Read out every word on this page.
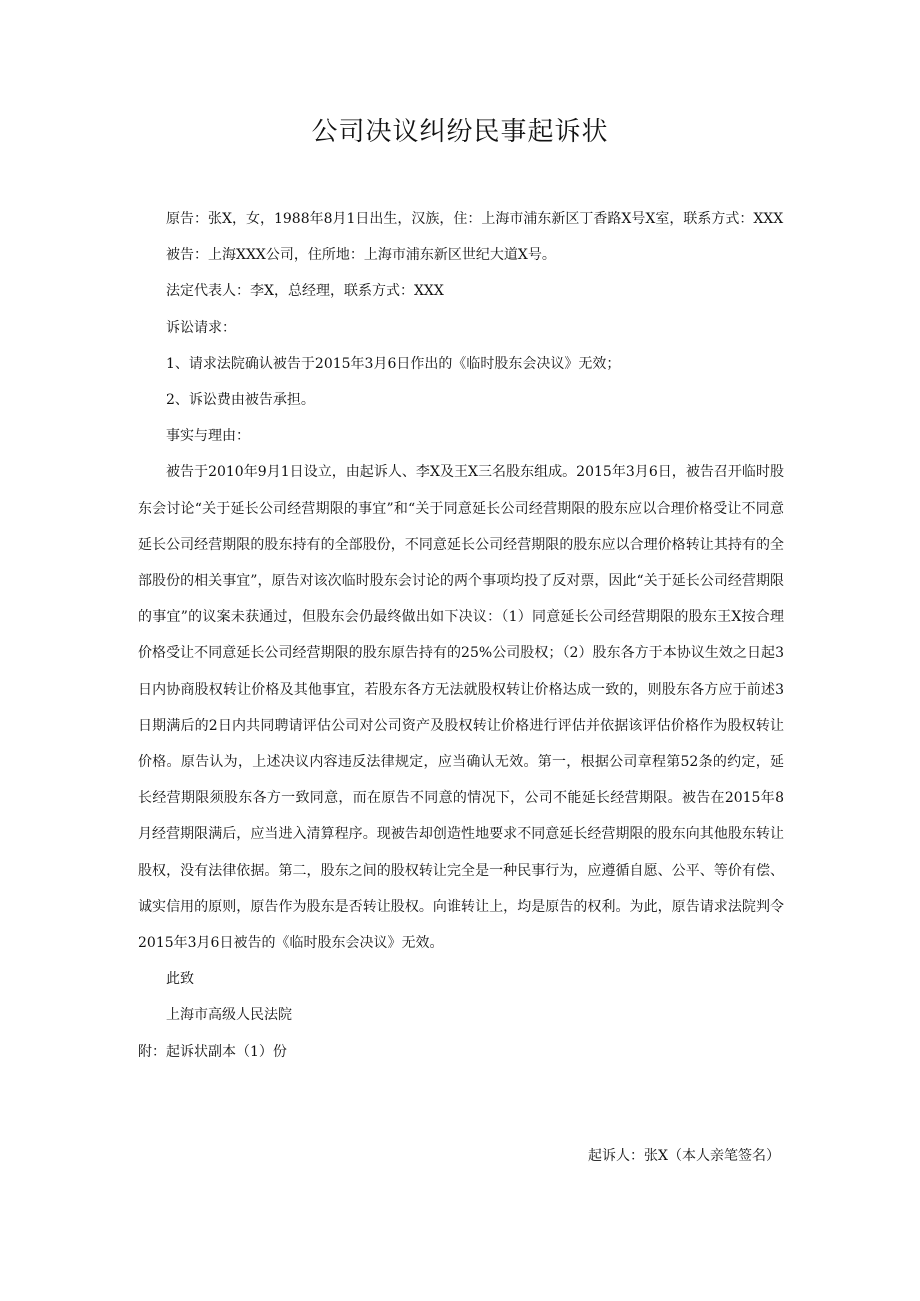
公司决议纠纷民事起诉状

原告：张X，女，1988年8月1日出生，汉族，住：上海市浦东新区丁香路X号X室，联系方式：XXX

被告：上海XXX公司，住所地：上海市浦东新区世纪大道X号。

法定代表人：李X，总经理，联系方式：XXX

诉讼请求：

1、请求法院确认被告于2015年3月6日作出的《临时股东会决议》无效；

2、诉讼费由被告承担。

事实与理由：

被告于2010年9月1日设立，由起诉人、李X及王X三名股东组成。2015年3月6日，被告召开临时股东会讨论“关于延长公司经营期限的事宜”和“关于同意延长公司经营期限的股东应以合理价格受让不同意延长公司经营期限的股东持有的全部股份，不同意延长公司经营期限的股东应以合理价格转让其持有的全部股份的相关事宜”，原告对该次临时股东会讨论的两个事项均投了反对票，因此“关于延长公司经营期限的事宜”的议案未获通过，但股东会仍最终做出如下决议：（1）同意延长公司经营期限的股东王X按合理价格受让不同意延长公司经营期限的股东原告持有的25%公司股权；（2）股东各方于本协议生效之日起3日内协商股权转让价格及其他事宜，若股东各方无法就股权转让价格达成一致的，则股东各方应于前述3日期满后的2日内共同聘请评估公司对公司资产及股权转让价格进行评估并依据该评估价格作为股权转让价格。原告认为，上述决议内容违反法律规定，应当确认无效。第一，根据公司章程第52条的约定，延长经营期限须股东各方一致同意，而在原告不同意的情况下，公司不能延长经营期限。被告在2015年8月经营期限满后，应当进入清算程序。现被告却创造性地要求不同意延长经营期限的股东向其他股东转让股权，没有法律依据。第二，股东之间的股权转让完全是一种民事行为，应遵循自愿、公平、等价有偿、诚实信用的原则，原告作为股东是否转让股权。向谁转让上，均是原告的权利。为此，原告请求法院判令2015年3月6日被告的《临时股东会决议》无效。

此致

上海市高级人民法院

附：起诉状副本（1）份

起诉人：张X（本人亲笔签名）
